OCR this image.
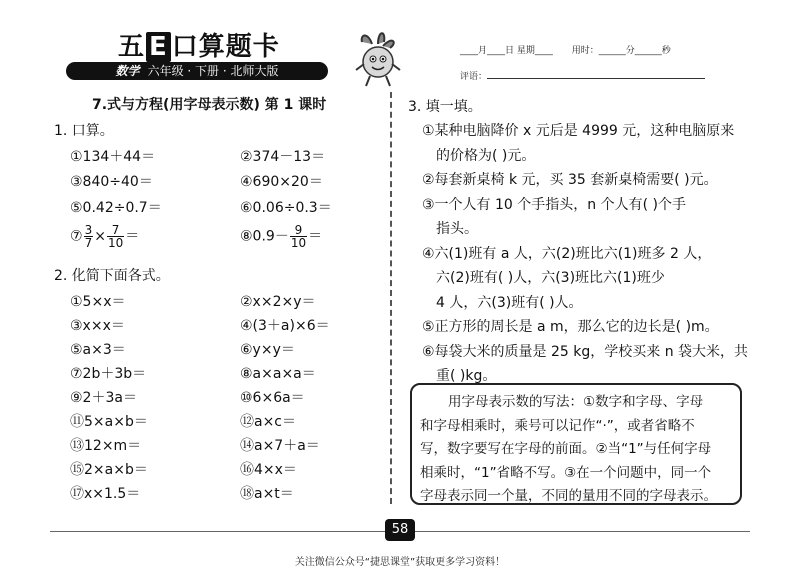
五 E 口算题卡
数学 六年级 · 下册 · 北师大版
____月____日 星期____ 用时：______分______秒
评语：
7.式与方程(用字母表示数) 第 1 课时
1. 口算。
①134＋44＝	②374－13＝
③840÷40＝	④690×20＝
⑤0.42÷0.7＝	⑥0.06÷0.3＝
⑦ $\frac{3}{7} \times \frac{7}{10}$ ＝	⑧0.9－ $\frac{9}{10}$ ＝
2. 化简下面各式。
①5×x＝	②x×2×y＝
③x×x＝	④(3＋a)×6＝
⑤a×3＝	⑥y×y＝
⑦2b＋3b＝	⑧a×a×a＝
⑨2＋3a＝	⑩6×6a＝
⑪5×a×b＝	⑫a×c＝
⑬12×m＝	⑭a×7＋a＝
⑮2×a×b＝	⑯4×x＝
⑰x×1.5＝	⑱a×t＝
3. 填一填。
①某种电脑降价 x 元后是 4999 元，这种电脑原来
的价格为( )元。
②每套新桌椅 k 元，买 35 套新桌椅需要( )元。
③一个人有 10 个手指头，n 个人有( )个手
指头。
④六(1)班有 a 人，六(2)班比六(1)班多 2 人，
六(2)班有( )人，六(3)班比六(1)班少
4 人，六(3)班有( )人。
⑤正方形的周长是 a m，那么它的边长是( )m。
⑥每袋大米的质量是 25 kg，学校买来 n 袋大米，共
重( )kg。
用字母表示数的写法：①数字和字母、字母
和字母相乘时，乘号可以记作“·”，或者省略不
写，数字要写在字母的前面。②当“1”与任何字母
相乘时，“1”省略不写。③在一个问题中，同一个
字母表示同一个量，不同的量用不同的字母表示。
58
关注微信公众号“捷思课堂”获取更多学习资料！
